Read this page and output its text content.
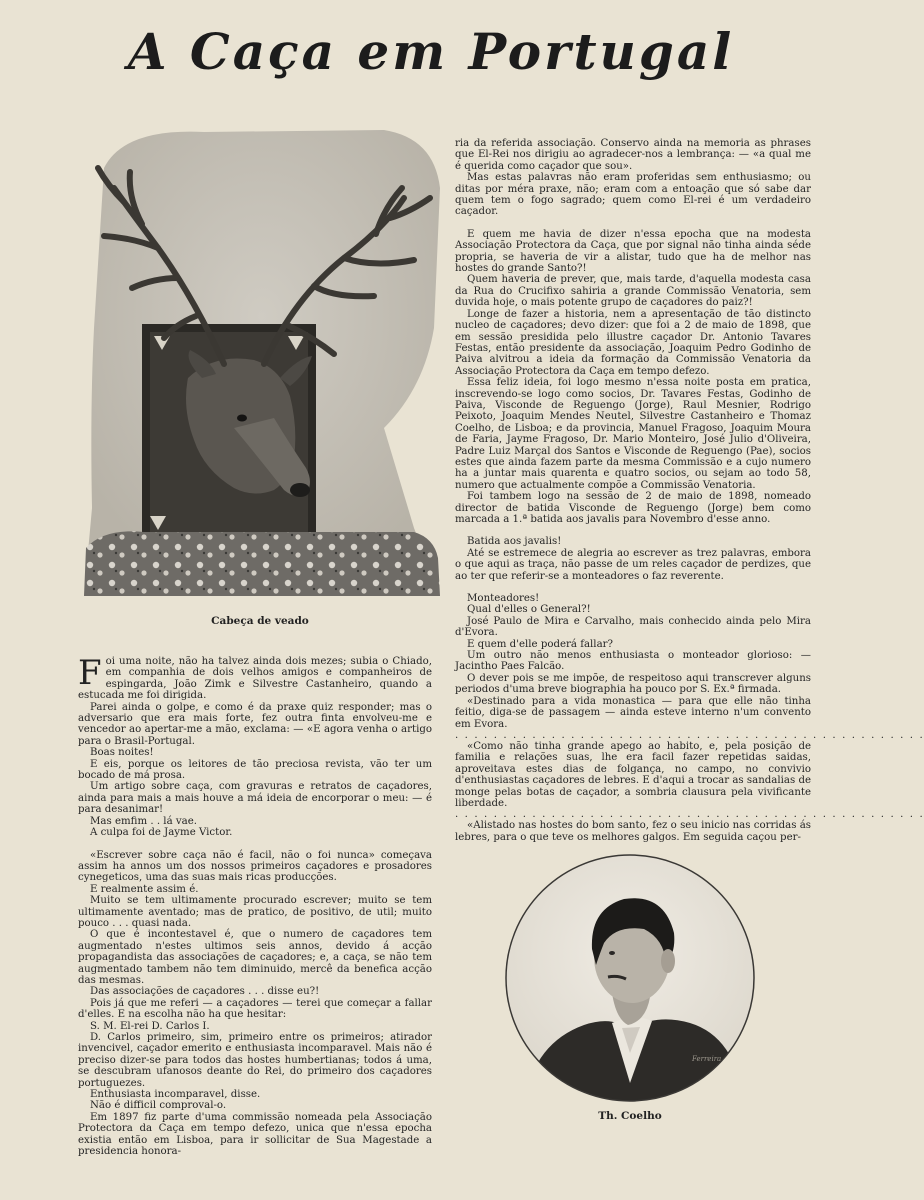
A Caça em Portugal
Cabeça de veado

Foi uma noite, não ha talvez ainda dois mezes; subia o Chiado, em companhia de dois velhos amigos e companheiros de espingarda, João Zimk e Silvestre Castanheiro, quando a estucada me foi dirigida.

Parei ainda o golpe, e como é da praxe quiz responder; mas o adversario que era mais forte, fez outra finta envolveu-me e vencedor ao apertar-me a mão, exclama: — «E agora venha o artigo para o Brasil-Portugal.

Boas noites!

E eis, porque os leitores de tão preciosa revista, vão ter um bocado de má prosa.

Um artigo sobre caça, com gravuras e retratos de caçadores, ainda para mais a mais houve a má ideia de encorporar o meu: — é para desanimar!

Mas emfim . . lá vae.

A culpa foi de Jayme Victor.

«Escrever sobre caça não é facil, não o foi nunca» começava assim ha annos um dos nossos primeiros caçadores e prosadores cynegeticos, uma das suas mais ricas producções.

E realmente assim é.

Muito se tem ultimamente procurado escrever; muito se tem ultimamente aventado; mas de pratico, de positivo, de util; muito pouco . . . quasi nada.

O que é incontestavel é, que o numero de caçadores tem augmentado n'estes ultimos seis annos, devido á acção propagandista das associações de caçadores; e, a caça, se não tem augmentado tambem não tem diminuido, mercê da benefica acção das mesmas.

Das associações de caçadores . . . disse eu?!

Pois já que me referi — a caçadores — terei que começar a fallar d'elles. E na escolha não ha que hesitar:

S. M. El-rei D. Carlos I.

D. Carlos primeiro, sim, primeiro entre os primeiros; atirador invencivel, caçador emerito e enthusiasta incomparavel. Mais não é preciso dizer-se para todos das hostes humbertianas; todos á uma, se descubram ufanosos deante do Rei, do primeiro dos caçadores portuguezes.

Enthusiasta incomparavel, disse.

Não é difficil comproval-o.

Em 1897 fiz parte d'uma commissão nomeada pela Associação Protectora da Caça em tempo defezo, unica que n'essa epocha existia então em Lisboa, para ir sollicitar de Sua Magestade a presidencia honora-

ria da referida associação. Conservo ainda na memoria as phrases que El-Rei nos dirigiu ao agradecer-nos a lembrança: — «a qual me é querida como caçador que sou».

Mas estas palavras não eram proferidas sem enthusiasmo; ou ditas por méra praxe, não; eram com a entoação que só sabe dar quem tem o fogo sagrado; quem como El-rei é um verdadeiro caçador.

E quem me havia de dizer n'essa epocha que na modesta Associação Protectora da Caça, que por signal não tinha ainda séde propria, se haveria de vir a alistar, tudo que ha de melhor nas hostes do grande Santo?!

Quem haveria de prever, que, mais tarde, d'aquella modesta casa da Rua do Crucifixo sahiria a grande Commissão Venatoria, sem duvida hoje, o mais potente grupo de caçadores do paiz?!

Longe de fazer a historia, nem a apresentação de tão distincto nucleo de caçadores; devo dizer: que foi a 2 de maio de 1898, que em sessão presidida pelo illustre caçador Dr. Antonio Tavares Festas, então presidente da associação, Joaquim Pedro Godinho de Paiva alvitrou a ideia da formação da Commissão Venatoria da Associação Protectora da Caça em tempo defezo.

Essa feliz ideia, foi logo mesmo n'essa noite posta em pratica, inscrevendo-se logo como socios, Dr. Tavares Festas, Godinho de Paiva, Visconde de Reguengo (Jorge), Raul Mesnier, Rodrigo Peixoto, Joaquim Mendes Neutel, Silvestre Castanheiro e Thomaz Coelho, de Lisboa; e da provincia, Manuel Fragoso, Joaquim Moura de Faria, Jayme Fragoso, Dr. Mario Monteiro, José Julio d'Oliveira, Padre Luiz Marçal dos Santos e Visconde de Reguengo (Pae), socios estes que ainda fazem parte da mesma Commissão e a cujo numero ha a juntar mais quarenta e quatro socios, ou sejam ao todo 58, numero que actualmente compõe a Commissão Venatoria.

Foi tambem logo na sessão de 2 de maio de 1898, nomeado director de batida Visconde de Reguengo (Jorge) bem como marcada a 1.ª batida aos javalis para Novembro d'esse anno.

Batida aos javalis!

Até se estremece de alegria ao escrever as trez palavras, embora o que aqui as traça, não passe de um reles caçador de perdizes, que ao ter que referir-se a monteadores o faz reverente.

Monteadores!

Qual d'elles o General?!

José Paulo de Mira e Carvalho, mais conhecido ainda pelo Mira d'Evora.

E quem d'elle poderá fallar?

Um outro não menos enthusiasta o monteador glorioso: — Jacintho Paes Falcão.

O dever pois se me impõe, de respeitoso aqui transcrever alguns periodos d'uma breve biographia ha pouco por S. Ex.ª firmada.

«Destinado para a vida monastica — para que elle não tinha feitio, diga-se de passagem — ainda esteve interno n'um convento em Evora.

. . . . . . . . . . . . . . . . . . . . . . . . . . . . . . . . . . . . . . . . . . . . . . . . .

«Como não tinha grande apego ao habito, e, pela posição de familia e relações suas, lhe era facil fazer repetidas saidas, aproveitava estes dias de folgança, no campo, no convivio d'enthusiastas caçadores de lebres. E d'aqui a trocar as sandalias de monge pelas botas de caçador, a sombria clausura pela vivificante liberdade.

. . . . . . . . . . . . . . . . . . . . . . . . . . . . . . . . . . . . . . . . . . . . . . . . .

«Alistado nas hostes do bom santo, fez o seu inicio nas corridas ás lebres, para o que teve os melhores galgos. Em seguida caçou per-

Ferreira
Th. Coelho
